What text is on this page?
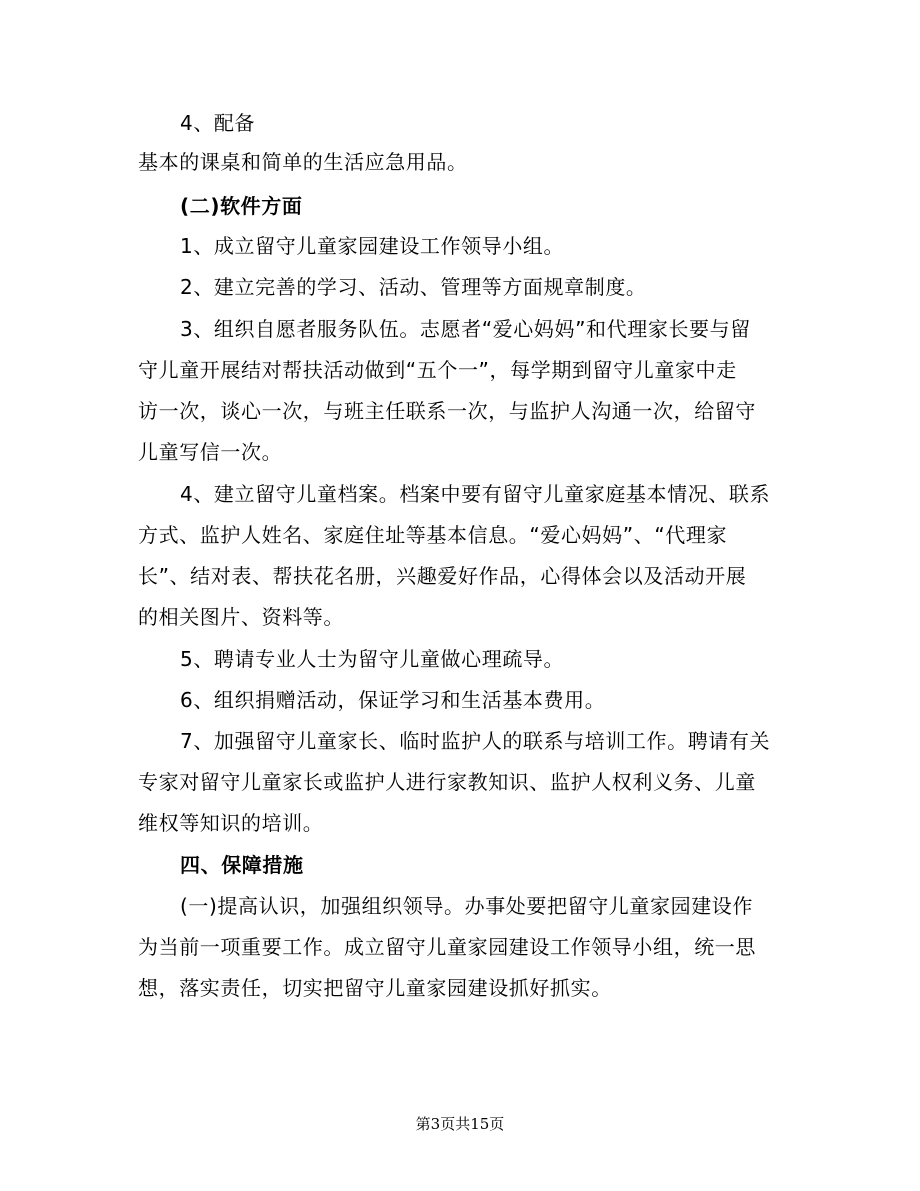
4、配备
基本的课桌和简单的生活应急用品。
(二)软件方面
1、成立留守儿童家园建设工作领导小组。
2、建立完善的学习、活动、管理等方面规章制度。
3、组织自愿者服务队伍。志愿者“爱心妈妈”和代理家长要与留
守儿童开展结对帮扶活动做到“五个一”，每学期到留守儿童家中走
访一次，谈心一次，与班主任联系一次，与监护人沟通一次，给留守
儿童写信一次。
4、建立留守儿童档案。档案中要有留守儿童家庭基本情况、联系
方式、监护人姓名、家庭住址等基本信息。“爱心妈妈”、“代理家
长”、结对表、帮扶花名册，兴趣爱好作品，心得体会以及活动开展
的相关图片、资料等。
5、聘请专业人士为留守儿童做心理疏导。
6、组织捐赠活动，保证学习和生活基本费用。
7、加强留守儿童家长、临时监护人的联系与培训工作。聘请有关
专家对留守儿童家长或监护人进行家教知识、监护人权利义务、儿童
维权等知识的培训。
四、保障措施
(一)提高认识，加强组织领导。办事处要把留守儿童家园建设作
为当前一项重要工作。成立留守儿童家园建设工作领导小组，统一思
想，落实责任，切实把留守儿童家园建设抓好抓实。
第3页共15页
